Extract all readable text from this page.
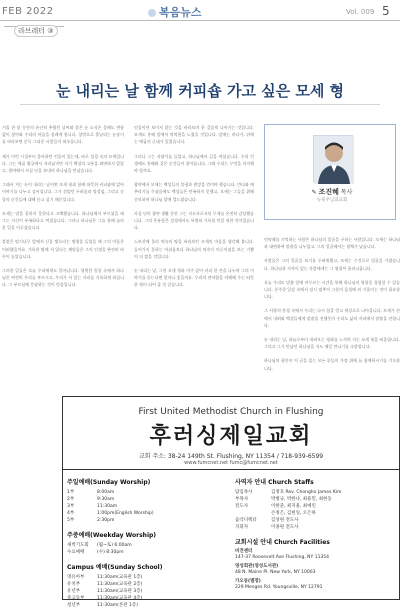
FEB 2022	복음뉴스	Vol. 009 5
라브레터 ③
눈 내리는 날 함께 커피숍 가고 싶은 모세 형

겨울 한 달 동안의 유난히 추웠던 날씨와 잦은 눈 소식은 올해도 변함없이 찾아와 우리의 마음을 설레게 합니다. 창밖으로 흩날리는 눈송이를 바라보면 문득 그리운 사람들이 떠오릅니다.

제가 어린 시절부터 좋아하던 인물이 있는데, 바로 성경 속의 모세입니다. 그는 애굽 왕궁에서 자라났지만 자기 백성의 고통을 외면하지 않았고, 광야에서 사십 년을 보내며 하나님을 만났습니다.

그래서 저는 눈이 내리는 날이면 모세 형과 함께 따뜻한 커피숍에 앉아 이야기를 나누고 싶어집니다. 그가 겪었던 두려움과 망설임, 그리고 순종의 순간들에 대해 듣고 싶기 때문입니다.

모세는 말을 잘하지 못한다고 고백했습니다. 하나님께서 부르셨을 때 그는 자신이 부족하다고 여겼습니다. 그러나 하나님은 그를 통해 놀라운 일을 이루셨습니다.

불붙은 떨기나무 앞에서 신을 벗으라는 명령을 들었을 때 그의 마음은 어떠했을까요. 거룩한 땅에 서 있다는 깨달음은 그의 인생을 완전히 바꾸어 놓았습니다.

그러한 일들은 오늘 우리에게도 일어납니다. 평범한 일상 속에서 하나님은 여전히 우리를 부르시고, 우리가 서 있는 자리를 거룩하게 하십니다. 그 부르심에 응답하는 것이 믿음입니다.

믿음이란 보이지 않는 것을 바라보며 한 걸음씩 나아가는 것입니다. 모세도 홍해 앞에서 막막함을 느꼈을 것입니다. 앞에는 바다가, 뒤에는 애굽의 군대가 있었습니다.

그러나 그는 지팡이를 들었고, 하나님께서 길을 여셨습니다. 우리 인생에도 홍해와 같은 순간들이 찾아옵니다. 그때 우리는 무엇을 의지해야 할까요.

광야에서 모세는 백성들의 불평과 원망을 견뎌야 했습니다. 만나와 메추라기를 주셨음에도 백성들은 만족하지 못했고, 모세는 그들을 위해 중보하며 하나님 앞에 엎드렸습니다.

사십 년의 광야 생활 동안 그는 지도자로서의 무게를 온전히 감당했습니다. 그의 온유함은 성경에서도 특별히 기록될 만큼 귀한 것이었습니다.

느보산에 올라 약속의 땅을 바라보던 모세의 마음을 생각해 봅니다. 들어가지 못하는 아쉬움보다 하나님의 약속이 이루어짐을 보는 기쁨이 더 컸을 것입니다.

눈 내리는 날, 그런 모세 형과 마주 앉아 커피 한 잔을 나누며 그의 이야기를 듣는다면 얼마나 좋을까요. 우리의 연약함을 이해해 주는 따뜻한 형이 되어 줄 것 같습니다.

✎ 조진혜 목사
뉴욕주님의교회

언약궤를 기억하는 사람은 하나님의 얼굴을 구하는 사람입니다. 모세는 하나님과 대면하여 말씀을 나누었고, 그의 얼굴에서는 광채가 났습니다.

사람들은 그의 얼굴을 보기를 두려워했고, 모세는 수건으로 얼굴을 가렸습니다. 하나님과 가까이 있는 사람에게는 그 영광이 흘러나옵니다.

오늘 우리도 말씀 앞에 머무르는 시간을 통해 하나님의 영광을 경험할 수 있습니다. 분주한 일상 속에서 잠시 멈추어 그분의 음성에 귀 기울이는 것이 필요합니다.

그 사랑의 풍경 속에서 우리는 다시 힘을 얻고 세상으로 나아갑니다. 모세가 산에서 내려와 백성들에게 말씀을 전했듯이 우리도 삶의 자리에서 말씀을 전합니다.

눈 내리는 날, 하늘로부터 내려오는 평화를 느끼며 저는 모세 형을 떠올립니다. 그리고 그가 만났던 하나님을 저도 매일 만나기를 소망합니다.

하나님의 평안이 이 글을 읽는 모든 분들의 가정 위에 늘 함께하시기를 기도합니다.

First United Methodist Church in Flushing
후러싱제일교회
교회 주소: 38-24 149th St. Flushing, NY 11354 / 718-939-6599
www.fumcnet.net fumc@fumcnet.net
주일예배(Sunday Worship)
1부	8:00am
2부	9:30am
3부	11:30am
4부	1:00pm(English Worship)
5부	2:30pm
주중예배(Weekday Worship)
새벽기도회	(월~토) 6:00am
수요예배	(수) 8:30pm
Campus 예배(Sunday School)
영유아부	11:30am(교육관 1층)
유치부	11:30am(교육관 2층)
유년부	11:30am(교육관 3층)
중고등부	11:30am(교육관 4층)
청년부	11:30am(본관 1층)
사역자 안내 Church Staffs
담임목사	김정호 Rev. Chongho James Kim
부목사	박병규, 박한나, 최용민, 최현동
전도사	이한준, 최지용, 최예린
손정은, 김현일, 오은하
음악디렉터	김성원 전도사
지휘자	이종원 전도사
교회시설 안내 Church Facilities
비전센터
147-37 Roosevelt Ave Flushing, NY 11354
영성회관(영성도서관)
48 N. Maine Pl. New York, NY 10003
가오동(별장)
229 Menges Rd. Youngsville, NY 12791
